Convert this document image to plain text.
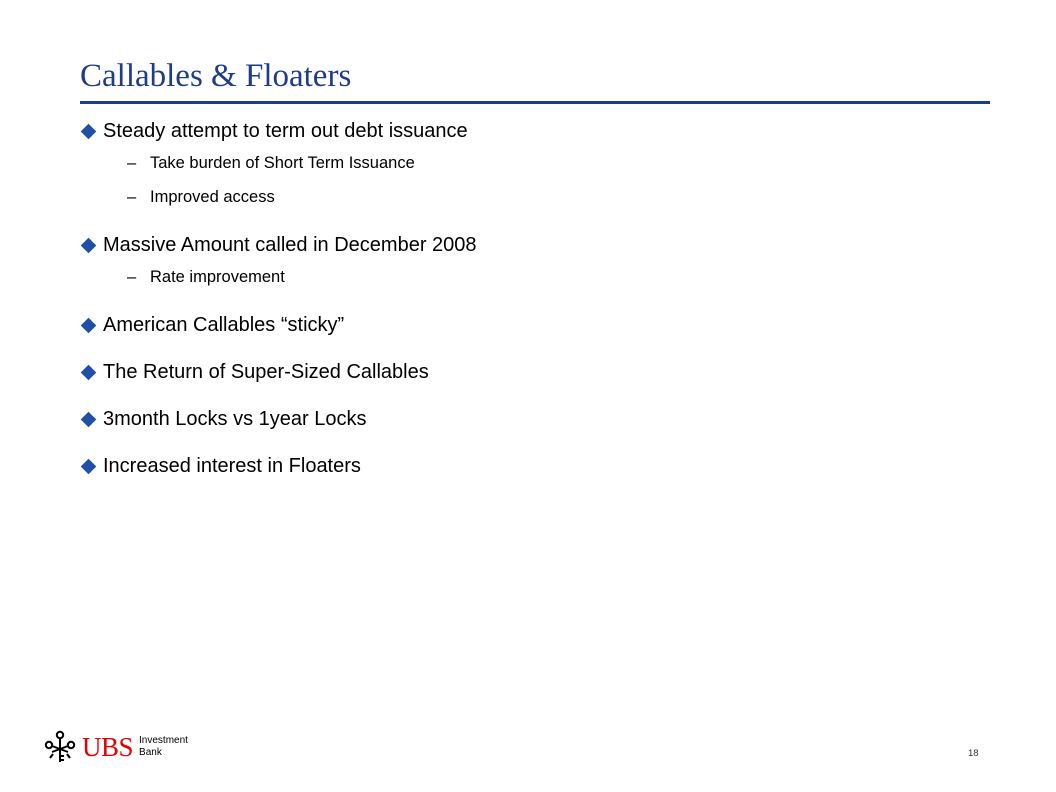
Callables & Floaters
Steady attempt to term out debt issuance
– Take burden of Short Term Issuance
– Improved access
Massive Amount called in December 2008
– Rate improvement
American Callables “sticky”
The Return of Super-Sized Callables
3month Locks vs 1year Locks
Increased interest in Floaters
UBS Investment
Bank	18
